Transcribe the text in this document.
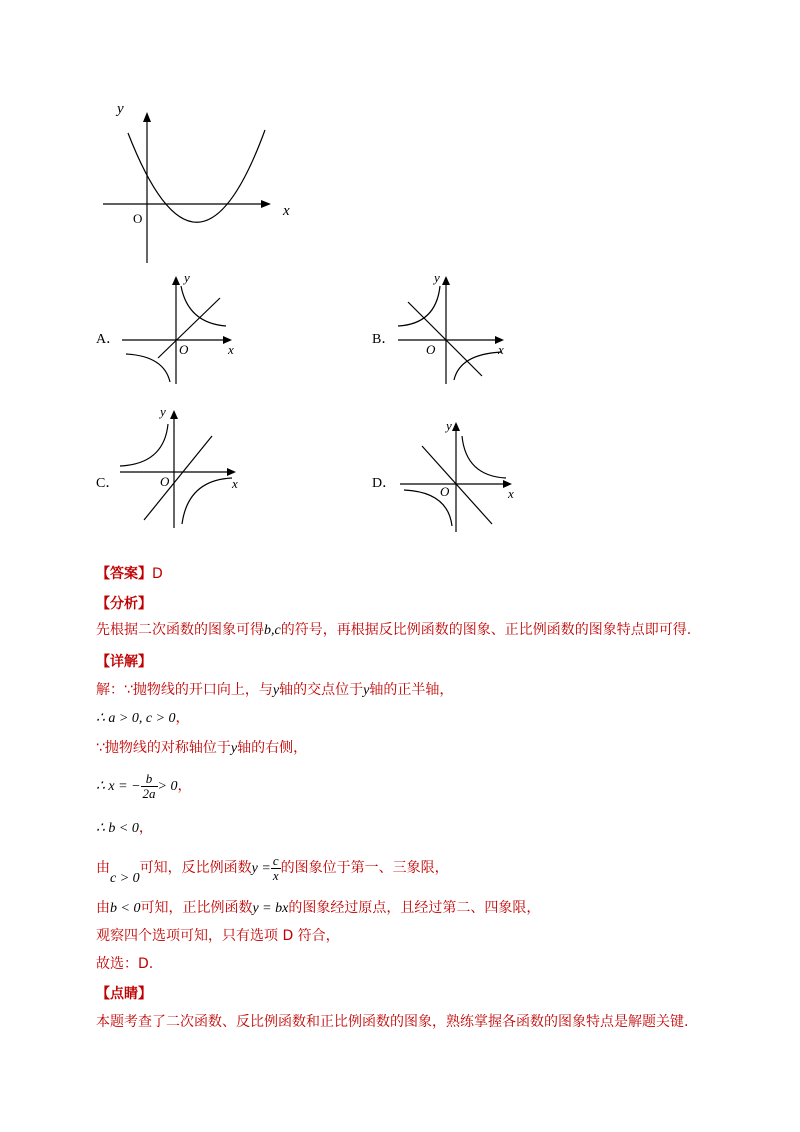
y
x
O
A．
y
x
O
B．
y
x
O
C．
y
x
O	D．
y
x
O
【答案】D
【分析】
先根据二次函数的图象可得b,c的符号，再根据反比例函数的图象、正比例函数的图象特点即可得.
【详解】
解：∵抛物线的开口向上，与y轴的交点位于y轴的正半轴，
∴ a > 0, c > 0，
∵抛物线的对称轴位于y轴的右侧，
∴ x = − $\frac{b}{2a} > 0$，
∴ b < 0，
由c > 0可知，反比例函数$y = \frac{c}{x}$ 的图象位于第一、三象限，
由b < 0可知，正比例函数y = bx的图象经过原点，且经过第二、四象限，
观察四个选项可知，只有选项 D 符合，
故选：D.
【点睛】
本题考查了二次函数、反比例函数和正比例函数的图象，熟练掌握各函数的图象特点是解题关键.
